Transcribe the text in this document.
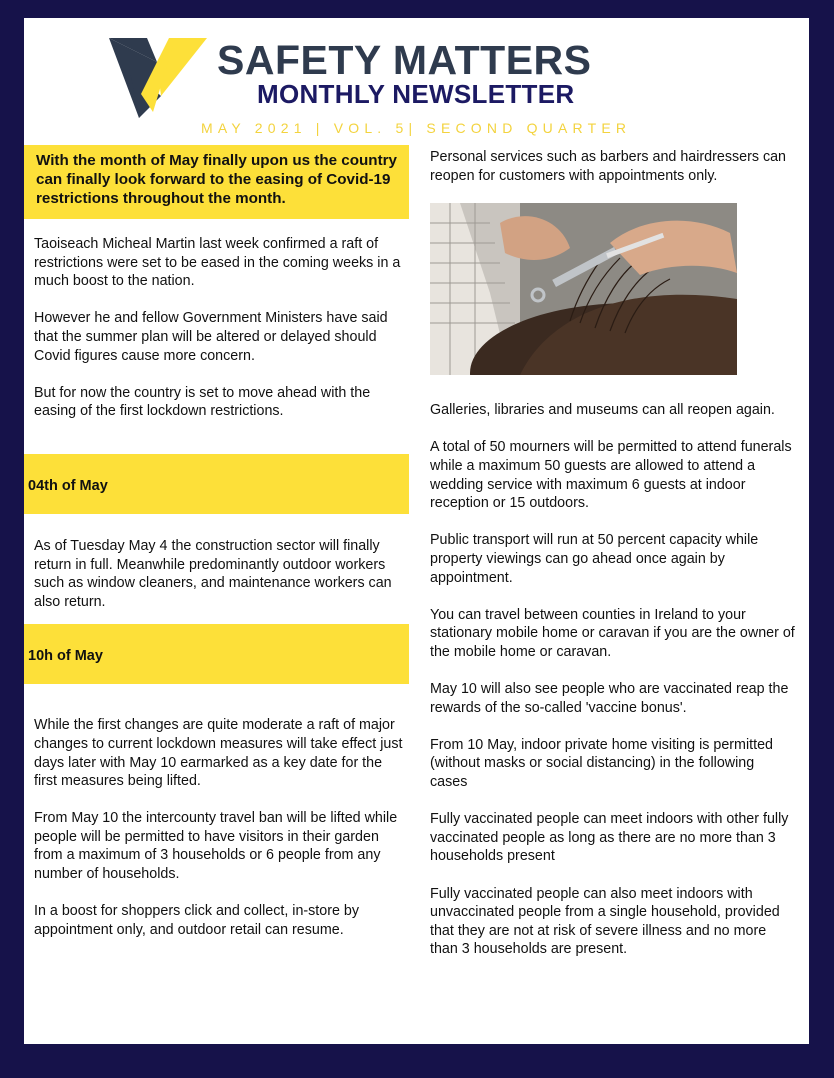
SAFETY MATTERS
MONTHLY NEWSLETTER
MAY 2021 | VOL. 5| SECOND QUARTER
With the month of May finally upon us the country can finally look forward to the easing of Covid-19 restrictions throughout the month.

Taoiseach Micheal Martin last week confirmed a raft of restrictions were set to be eased in the coming weeks in a much boost to the nation.

However he and fellow Government Ministers have said that the summer plan will be altered or delayed should Covid figures cause more concern.

But for now the country is set to move ahead with the easing of the first lockdown restrictions.

04th of May

As of Tuesday May 4 the construction sector will finally return in full. Meanwhile predominantly outdoor workers such as window cleaners, and maintenance workers can also return.

10h of May

While the first changes are quite moderate a raft of major changes to current lockdown measures will take effect just days later with May 10 earmarked as a key date for the first measures being lifted.

From May 10 the intercounty travel ban will be lifted while people will be permitted to have visitors in their garden from a maximum of 3 households or 6 people from any number of households.

In a boost for shoppers click and collect, in-store by appointment only, and outdoor retail can resume.

Personal services such as barbers and hairdressers can reopen for customers with appointments only.

Galleries, libraries and museums can all reopen again.

A total of 50 mourners will be permitted to attend funerals while a maximum 50 guests are allowed to attend a wedding service with maximum 6 guests at indoor reception or 15 outdoors.

Public transport will run at 50 percent capacity while property viewings can go ahead once again by appointment.

You can travel between counties in Ireland to your stationary mobile home or caravan if you are the owner of the mobile home or caravan.

May 10 will also see people who are vaccinated reap the rewards of the so-called 'vaccine bonus'.

From 10 May, indoor private home visiting is permitted (without masks or social distancing) in the following cases

Fully vaccinated people can meet indoors with other fully vaccinated people as long as there are no more than 3 households present

Fully vaccinated people can also meet indoors with unvaccinated people from a single household, provided that they are not at risk of severe illness and no more than 3 households are present.
